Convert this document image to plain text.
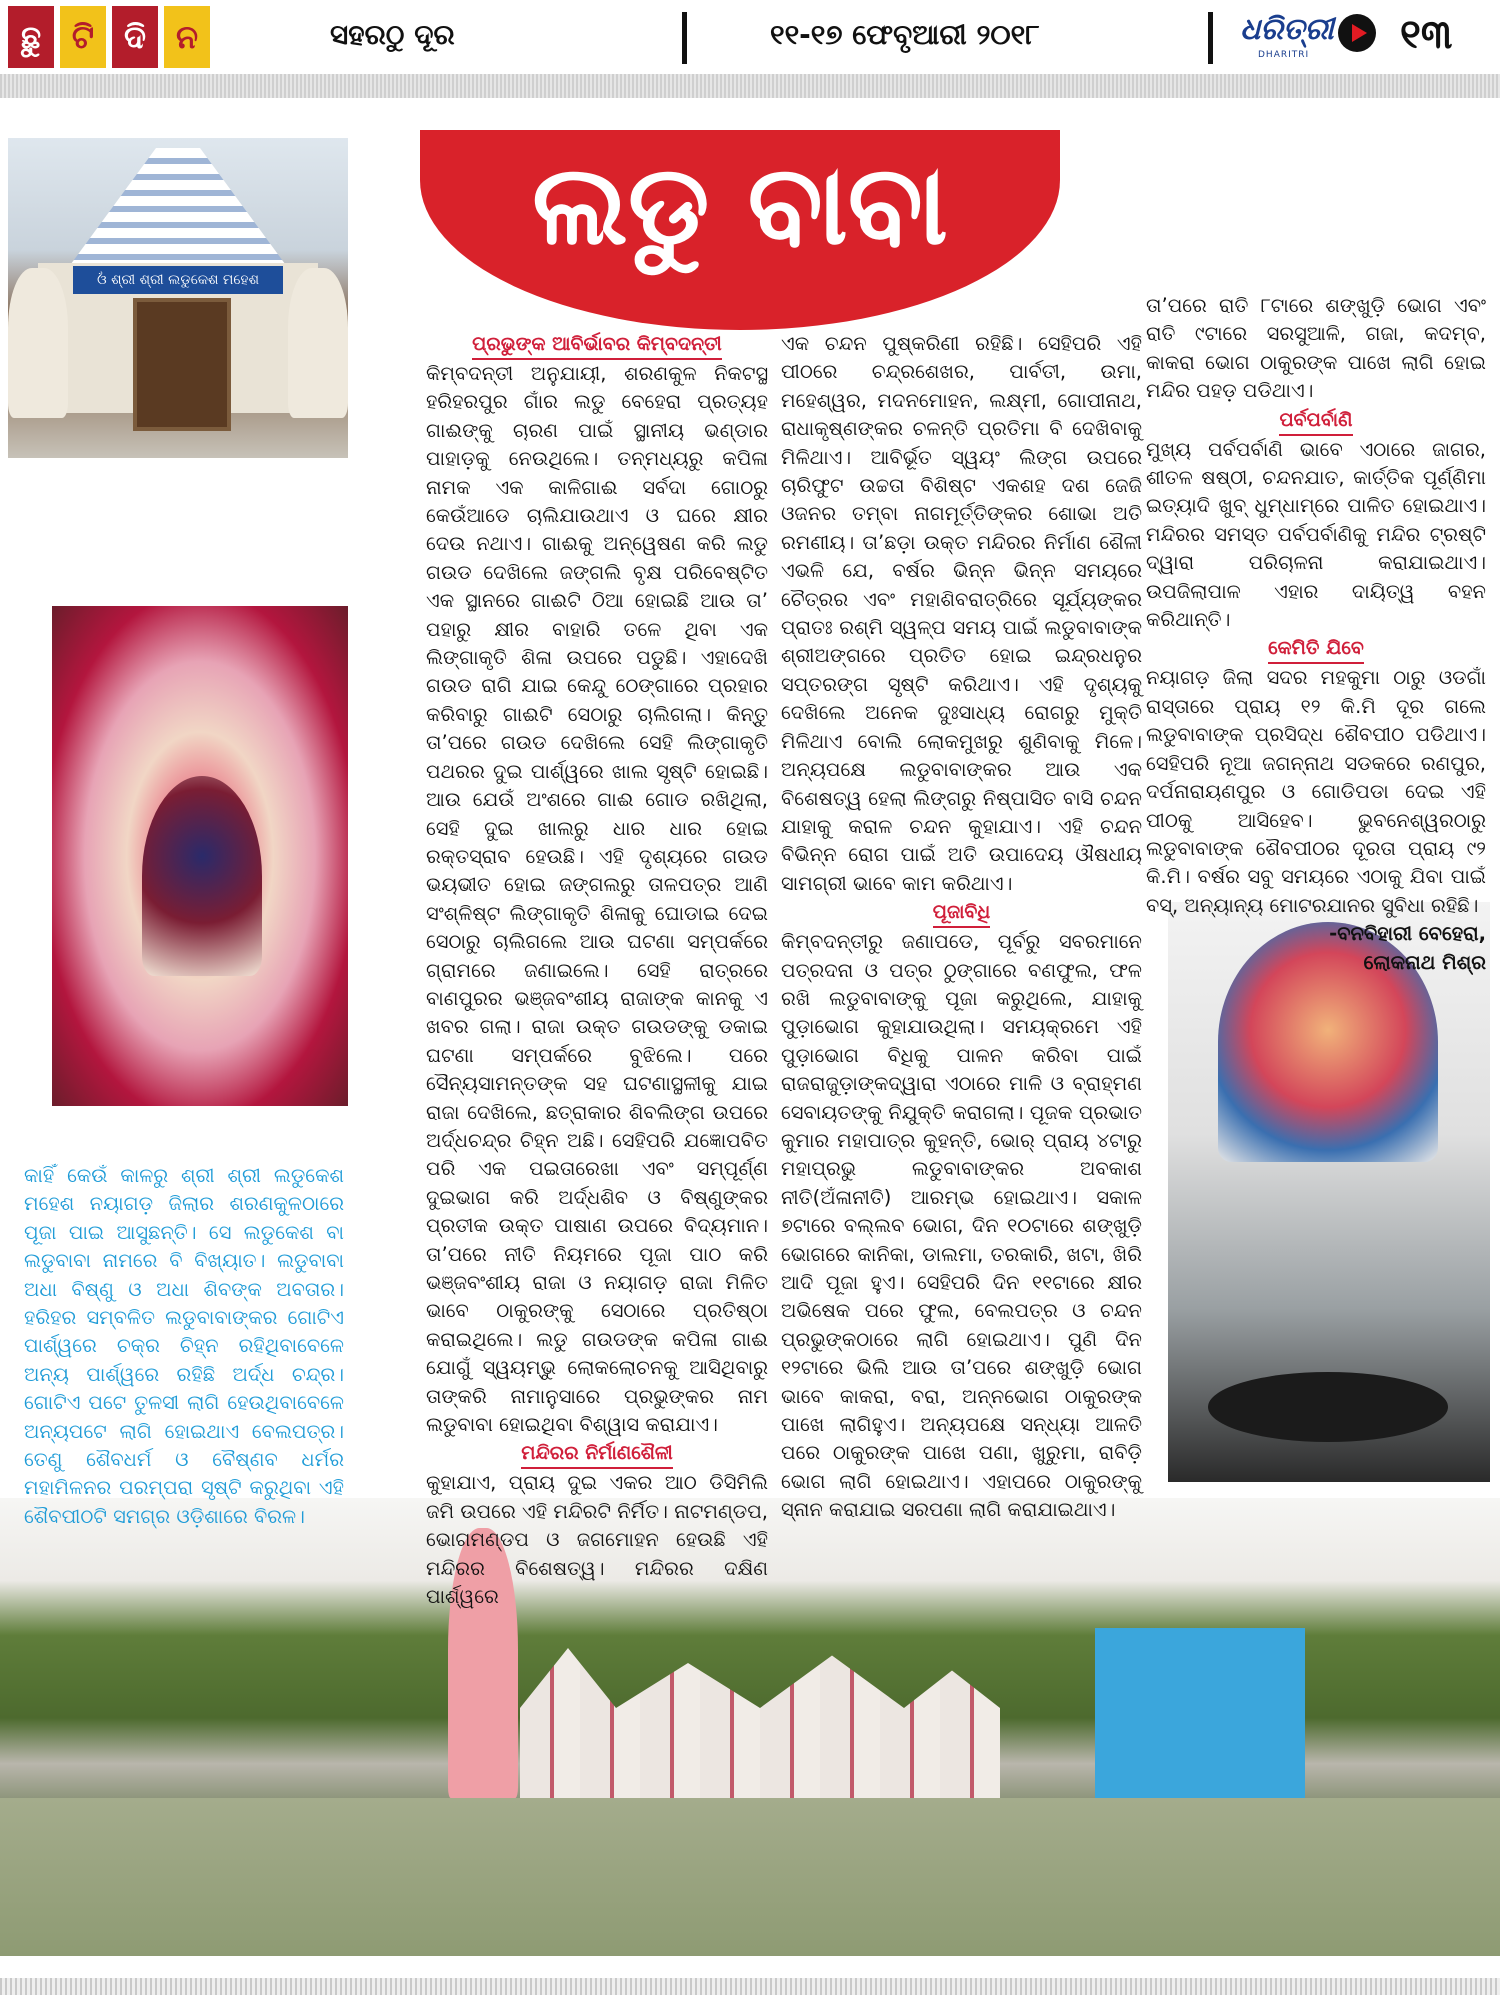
ଛୁ ଟି ଦି ନ	ସହରଠୁ ଦୂର	୧୧-୧୭ ଫେବୃଆରୀ ୨୦୧୮	ଧରିତ୍ରୀ
DHARITRI ୧୩
ଲଡୁ ବାବା
ଓଁ ଶ୍ରୀ ଶ୍ରୀ ଲଡୁକେଶ ମହେଶ
କାହିଁ କେଉଁ କାଳରୁ ଶ୍ରୀ ଶ୍ରୀ ଲଡୁକେଶ ମହେଶ ନୟାଗଡ଼ ଜିଲାର ଶରଣକୁଳଠାରେ ପୂଜା ପାଇ ଆସୁଛନ୍ତି। ସେ ଲଡୁକେଶ ବା ଲଡୁବାବା ନାମରେ ବି ବିଖ୍ୟାତ। ଲଡୁବାବା ଅଧା ବିଷ୍ଣୁ ଓ ଅଧା ଶିବଙ୍କ ଅବତାର। ହରିହର ସମ୍ବଳିତ ଲଡୁବାବାଙ୍କର ଗୋଟିଏ ପାର୍ଶ୍ୱରେ ଚକ୍ର ଚିହ୍ନ ରହିଥିବାବେଳେ ଅନ୍ୟ ପାର୍ଶ୍ୱରେ ରହିଛି ଅର୍ଦ୍ଧ ଚନ୍ଦ୍ର। ଗୋଟିଏ ପଟେ ତୁଳସୀ ଲାଗି ହେଉଥିବାବେଳେ ଅନ୍ୟପଟେ ଲାଗି ହୋଇଥାଏ ବେଲପତ୍ର। ତେଣୁ ଶୈବଧର୍ମ ଓ ବୈଷ୍ଣବ ଧର୍ମର ମହାମିଳନର ପରମ୍ପରା ସୃଷ୍ଟି କରୁଥିବା ଏହି ଶୈବପୀଠଟି ସମଗ୍ର ଓଡ଼ିଶାରେ ବିରଳ।
ପ୍ରଭୁଙ୍କ ଆବିର୍ଭାବର କିମ୍ବଦନ୍ତୀ

କିମ୍ବଦନ୍ତୀ ଅନୁଯାୟୀ, ଶରଣକୁଳ ନିକଟସ୍ଥ ହରିହରପୁର ଗାଁର ଲଡୁ ବେହେରା ପ୍ରତ୍ୟହ ଗାଈଙ୍କୁ ଚାରଣ ପାଇଁ ସ୍ଥାନୀୟ ଭଣ୍ଡାର ପାହାଡ଼କୁ ନେଉଥିଲେ। ତନ୍ମଧ୍ୟରୁ କପିଳା ନାମକ ଏକ କାଳିଗାଈ ସର୍ବଦା ଗୋଠରୁ କେଉଁଆଡେ ଚାଲିଯାଉଥାଏ ଓ ଘରେ କ୍ଷୀର ଦେଉ ନଥାଏ। ଗାଈକୁ ଅନ୍ୱେଷଣ କରି ଲଡୁ ଗଉଡ ଦେଖିଲେ ଜଙ୍ଗଲି ବୃକ୍ଷ ପରିବେଷ୍ଟିତ ଏକ ସ୍ଥାନରେ ଗାଈଟି ଠିଆ ହୋଇଛି ଆଉ ତା’ ପହାରୁ କ୍ଷୀର ବାହାରି ତଳେ ଥିବା ଏକ ଲିଙ୍ଗାକୃତି ଶିଳା ଉପରେ ପଡୁଛି। ଏହାଦେଖି ଗଉଡ ରାଗି ଯାଇ କେନ୍ଦୁ ଠେଙ୍ଗାରେ ପ୍ରହାର କରିବାରୁ ଗାଈଟି ସେଠାରୁ ଚାଲିଗଲା। କିନ୍ତୁ ତା’ପରେ ଗଉଡ ଦେଖିଲେ ସେହି ଲିଙ୍ଗାକୃତି ପଥରର ଦୁଇ ପାର୍ଶ୍ୱରେ ଖାଲ ସୃଷ୍ଟି ହୋଇଛି। ଆଉ ଯେଉଁ ଅଂଶରେ ଗାଈ ଗୋଡ ରଖିଥିଲା, ସେହି ଦୁଇ ଖାଲରୁ ଧାର ଧାର ହୋଇ ରକ୍ତସ୍ରାବ ହେଉଛି। ଏହି ଦୃଶ୍ୟରେ ଗଉଡ ଭୟଭୀତ ହୋଇ ଜଙ୍ଗଲରୁ ତାଳପତ୍ର ଆଣି ସଂଶ୍ଳିଷ୍ଟ ଲିଙ୍ଗାକୃତି ଶିଳାକୁ ଘୋଡାଇ ଦେଇ ସେଠାରୁ ଚାଲିଗଲେ ଆଉ ଘଟଣା ସମ୍ପର୍କରେ ଗ୍ରାମରେ ଜଣାଇଲେ। ସେହି ରାତ୍ରରେ ବାଣପୁରର ଭଞ୍ଜବଂଶୀୟ ରାଜାଙ୍କ କାନକୁ ଏ ଖବର ଗଲା। ରାଜା ଉକ୍ତ ଗଉଡଙ୍କୁ ଡକାଇ ଘଟଣା ସମ୍ପର୍କରେ ବୁଝିଲେ। ପରେ ସୈନ୍ୟସାମନ୍ତଙ୍କ ସହ ଘଟଣାସ୍ଥଳୀକୁ ଯାଇ ରାଜା ଦେଖିଲେ, ଛତ୍ରାକାର ଶିବଲିଙ୍ଗ ଉପରେ ଅର୍ଦ୍ଧଚନ୍ଦ୍ର ଚିହ୍ନ ଅଛି। ସେହିପରି ଯଜ୍ଞୋପବିତ ପରି ଏକ ପଇତାରେଖା ଏବଂ ସମ୍ପୂର୍ଣ୍ଣ ଦୁଇଭାଗ କରି ଅର୍ଦ୍ଧଶିବ ଓ ବିଷ୍ଣୁଙ୍କର ପ୍ରତୀକ ଉକ୍ତ ପାଷାଣ ଉପରେ ବିଦ୍ୟମାନ। ତା’ପରେ ନୀତି ନିୟମରେ ପୂଜା ପାଠ କରି ଭଞ୍ଜବଂଶୀୟ ରାଜା ଓ ନୟାଗଡ଼ ରାଜା ମିଳିତ ଭାବେ ଠାକୁରଙ୍କୁ ସେଠାରେ ପ୍ରତିଷ୍ଠା କରାଇଥିଲେ। ଲଡୁ ଗଉଡଙ୍କ କପିଳା ଗାଈ ଯୋଗୁଁ ସ୍ୱୟମ୍ଭୁ ଲୋକଲୋଚନକୁ ଆସିଥିବାରୁ ତାଙ୍କରି ନାମାନୁସାରେ ପ୍ରଭୁଙ୍କର ନାମ ଲଡୁବାବା ହୋଇଥିବା ବିଶ୍ୱାସ କରାଯାଏ।

ମନ୍ଦିରର ନିର୍ମାଣଶୈଳୀ

କୁହାଯାଏ, ପ୍ରାୟ ଦୁଇ ଏକର ଆଠ ଡିସିମିଲି ଜମି ଉପରେ ଏହି ମନ୍ଦିରଟି ନିର୍ମିତ। ନାଟମଣ୍ଡପ, ଭୋଗମଣ୍ଡପ ଓ ଜଗମୋହନ ହେଉଛି ଏହି ମନ୍ଦିରର ବିଶେଷତ୍ୱ। ମନ୍ଦିରର ଦକ୍ଷିଣ ପାର୍ଶ୍ୱରେ

ଏକ ଚନ୍ଦନ ପୁଷ୍କରିଣୀ ରହିଛି। ସେହିପରି ଏହି ପୀଠରେ ଚନ୍ଦ୍ରଶେଖର, ପାର୍ବତୀ, ଉମା, ମହେଶ୍ୱର, ମଦନମୋହନ, ଲକ୍ଷ୍ମୀ, ଗୋପୀନାଥ, ରାଧାକୃଷ୍ଣଙ୍କର ଚଳନ୍ତି ପ୍ରତିମା ବି ଦେଖିବାକୁ ମିଳିଥାଏ। ଆବିର୍ଭୂତ ସ୍ୱୟଂ ଲିଙ୍ଗ ଉପରେ ଚାରିଫୁଟ ଉଚ୍ଚତା ବିଶିଷ୍ଟ ଏକଶହ ଦଶ ଜେଜି ଓଜନର ତମ୍ବା ନାଗମୂର୍ତ୍ତିଙ୍କର ଶୋଭା ଅତି ରମଣୀୟ। ତା’ଛଡ଼ା ଉକ୍ତ ମନ୍ଦିରର ନିର୍ମାଣ ଶୈଳୀ ଏଭଳି ଯେ, ବର୍ଷର ଭିନ୍ନ ଭିନ୍ନ ସମୟରେ ଚୈତ୍ରର ଏବଂ ମହାଶିବରାତ୍ରିରେ ସୂର୍ଯ୍ୟଙ୍କର ପ୍ରାତଃ ରଶ୍ମି ସ୍ୱଳ୍ପ ସମୟ ପାଇଁ ଲଡୁବାବାଙ୍କ ଶ୍ରୀଅଙ୍ଗରେ ପ୍ରତିତ ହୋଇ ଇନ୍ଦ୍ରଧନୁର ସପ୍ତରଙ୍ଗ ସୃଷ୍ଟି କରିଥାଏ। ଏହି ଦୃଶ୍ୟକୁ ଦେଖିଲେ ଅନେକ ଦୁଃସାଧ୍ୟ ରୋଗରୁ ମୁକ୍ତି ମିଳିଥାଏ ବୋଲି ଲୋକମୁଖରୁ ଶୁଣିବାକୁ ମିଳେ। ଅନ୍ୟପକ୍ଷେ ଲଡୁବାବାଙ୍କର ଆଉ ଏକ ବିଶେଷତ୍ୱ ହେଲା ଲିଙ୍ଗରୁ ନିଷ୍ପାସିତ ବାସି ଚନ୍ଦନ ଯାହାକୁ କରାଳ ଚନ୍ଦନ କୁହାଯାଏ। ଏହି ଚନ୍ଦନ ବିଭିନ୍ନ ରୋଗ ପାଇଁ ଅତି ଉପାଦେୟ ଔଷଧୀୟ ସାମଗ୍ରୀ ଭାବେ କାମ କରିଥାଏ।

ପୂଜାବିଧି

କିମ୍ବଦନ୍ତୀରୁ ଜଣାପଡେ, ପୂର୍ବରୁ ସବରମାନେ ପତ୍ରଦନା ଓ ପତ୍ର ଠୁଙ୍ଗାରେ ବଣଫୁଲ, ଫଳ ରଖି ଲଡୁବାବାଙ୍କୁ ପୂଜା କରୁଥିଲେ, ଯାହାକୁ ପୁଡ଼ାଭୋଗ କୁହାଯାଉଥିଲା। ସମୟକ୍ରମେ ଏହି ପୁଡ଼ାଭୋଗ ବିଧିକୁ ପାଳନ କରିବା ପାଇଁ ରାଜରାଜୁଡ଼ାଙ୍କଦ୍ୱାରା ଏଠାରେ ମାଳି ଓ ବ୍ରାହ୍ମଣ ସେବାୟତଙ୍କୁ ନିଯୁକ୍ତି କରାଗଲା। ପୂଜକ ପ୍ରଭାତ କୁମାର ମହାପାତ୍ର କୁହନ୍ତି, ଭୋର୍ ପ୍ରାୟ ୪ଟାରୁ ମହାପ୍ରଭୁ ଲଡୁବାବାଙ୍କର ଅବକାଶ ନୀତି(ଅଁଳାନୀତି) ଆରମ୍ଭ ହୋଇଥାଏ। ସକାଳ ୭ଟାରେ ବଲ୍ଲବ ଭୋଗ, ଦିନ ୧୦ଟାରେ ଶଙ୍ଖୁଡ଼ି ଭୋଗରେ କାନିକା, ଡାଲମା, ତରକାରି, ଖଟା, ଖିରି ଆଦି ପୂଜା ହୁଏ। ସେହିପରି ଦିନ ୧୧ଟାରେ କ୍ଷୀର ଅଭିଷେକ ପରେ ଫୁଲ, ବେଲପତ୍ର ଓ ଚନ୍ଦନ ପ୍ରଭୁଙ୍କଠାରେ ଲାଗି ହୋଇଥାଏ। ପୁଣି ଦିନ ୧୨ଟାରେ ଭିଲି ଆଉ ତା’ପରେ ଶଙ୍ଖୁଡ଼ି ଭୋଗ ଭାବେ କାକରା, ବରା, ଅନ୍ନଭୋଗ ଠାକୁରଙ୍କ ପାଖେ ଲାଗିହୁଏ। ଅନ୍ୟପକ୍ଷେ ସନ୍ଧ୍ୟା ଆଳତି ପରେ ଠାକୁରଙ୍କ ପାଖେ ପଣା, ଖୁରୁମା, ରାବିଡ଼ି ଭୋଗ ଲାଗି ହୋଇଥାଏ। ଏହାପରେ ଠାକୁରଙ୍କୁ ସ୍ନାନ କରାଯାଇ ସରପଣା ଲାଗି କରାଯାଇଥାଏ।

ତା’ପରେ ରାତି ୮ଟାରେ ଶଙ୍ଖୁଡ଼ି ଭୋଗ ଏବଂ ରାତି ୯ଟାରେ ସରସୁଆଳି, ଗଜା, କଦମ୍ବ, କାକରା ଭୋଗ ଠାକୁରଙ୍କ ପାଖେ ଲାଗି ହୋଇ ମନ୍ଦିର ପହଡ଼ ପଡିଥାଏ।

ପର୍ବପର୍ବାଣି

ମୁଖ୍ୟ ପର୍ବପର୍ବାଣି ଭାବେ ଏଠାରେ ଜାଗର, ଶୀତଳ ଷଷ୍ଠୀ, ଚନ୍ଦନଯାତ, କାର୍ତ୍ତିକ ପୂର୍ଣ୍ଣିମା ଇତ୍ୟାଦି ଖୁବ୍ ଧୁମ୍‌ଧାମ୍‌ରେ ପାଳିତ ହୋଇଥାଏ। ମନ୍ଦିରର ସମସ୍ତ ପର୍ବପର୍ବାଣିକୁ ମନ୍ଦିର ଟ୍ରଷ୍ଟି ଦ୍ୱାରା ପରିଚାଳନା କରାଯାଇଥାଏ। ଉପଜିଲାପାଳ ଏହାର ଦାୟିତ୍ୱ ବହନ କରିଥାନ୍ତି।

କେମିତି ଯିବେ

ନୟାଗଡ଼ ଜିଲା ସଦର ମହକୁମା ଠାରୁ ଓଡଗାଁ ରାସ୍ତାରେ ପ୍ରାୟ ୧୨ କି.ମି ଦୂର ଗଲେ ଲଡୁବାବାଙ୍କ ପ୍ରସିଦ୍ଧ ଶୈବପୀଠ ପଡିଥାଏ। ସେହିପରି ନୂଆ ଜଗନ୍ନାଥ ସଡକରେ ରଣପୁର, ଦର୍ପନାରାୟଣପୁର ଓ ଗୋଡିପଡା ଦେଇ ଏହି ପୀଠକୁ ଆସିହେବ। ଭୁବନେଶ୍ୱରଠାରୁ ଲଡୁବାବାଙ୍କ ଶୈବପୀଠର ଦୂରତା ପ୍ରାୟ ୯୨ କି.ମି। ବର୍ଷର ସବୁ ସମୟରେ ଏଠାକୁ ଯିବା ପାଇଁ ବସ୍, ଅନ୍ୟାନ୍ୟ ମୋଟରଯାନର ସୁବିଧା ରହିଛି।

-ବନବିହାରୀ ବେହେରା,

ଲୋକନାଥ ମିଶ୍ର
